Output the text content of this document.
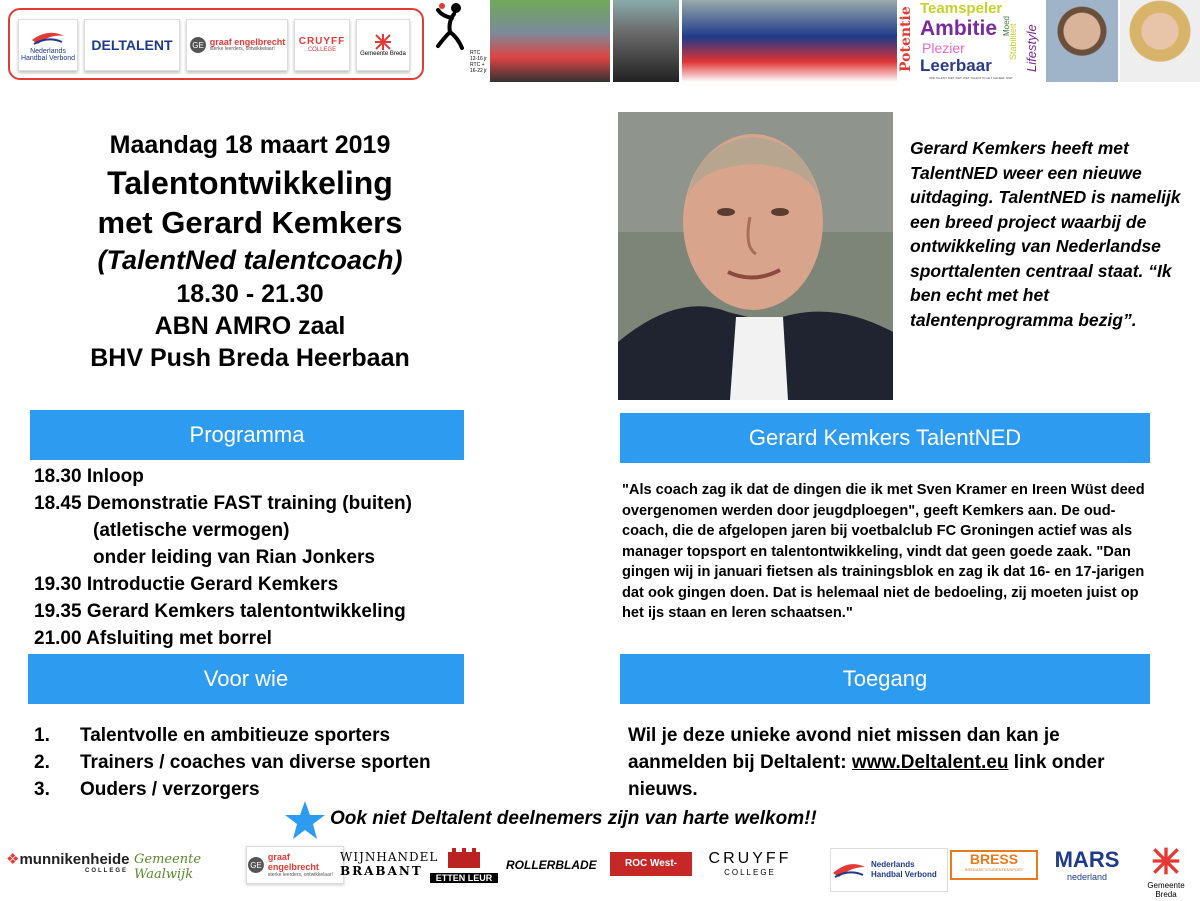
Nederlands Handbal Verbond
DELTALENT GE graaf engelbrecht
sterke leerders, ontwikkelaar!
CRUYFF
COLLEGE
Gemeente Breda	RTC
12-16 jr
RTC +
16-22 jr	Potentie Teamspeler
Ambitie
Plezier
Leerbaar
Moed
Stabiliteit Lifestyle
WIE TALENT NIET ZIET, ZIET TALENT IN HET GEHEEL NIET
Maandag 18 maart 2019
Talentontwikkeling
met Gerard Kemkers
(TalentNed talentcoach)
18.30 - 21.30
ABN AMRO zaal
BHV Push Breda Heerbaan
Gerard Kemkers heeft met TalentNED weer een nieuwe uitdaging. TalentNED is namelijk een breed project waarbij de ontwikkeling van Nederlandse sporttalenten centraal staat. “Ik ben echt met het talentenprogramma bezig”.
Programma	Gerard Kemkers TalentNED
Voor wie	Toegang
18.30 Inloop
18.45 Demonstratie FAST training (buiten)
(atletische vermogen)
onder leiding van Rian Jonkers
19.30 Introductie Gerard Kemkers
19.35 Gerard Kemkers talentontwikkeling
21.00 Afsluiting met borrel
"Als coach zag ik dat de dingen die ik met Sven Kramer en Ireen Wüst deed overgenomen werden door jeugdploegen", geeft Kemkers aan. De oud-coach, die de afgelopen jaren bij voetbalclub FC Groningen actief was als manager topsport en talentontwikkeling, vindt dat geen goede zaak. "Dan gingen wij in januari fietsen als trainingsblok en zag ik dat 16- en 17-jarigen dat ook gingen doen. Dat is helemaal niet de bedoeling, zij moeten juist op het ijs staan en leren schaatsen."
1. Talentvolle en ambitieuze sporters
2. Trainers / coaches van diverse sporten
3. Ouders / verzorgers
Wil je deze unieke avond niet missen dan kan je aanmelden bij Deltalent: www.Deltalent.eu link onder nieuws.
Ook niet Deltalent deelnemers zijn van harte welkom!!
❖munnikenheide
COLLEGE
Gemeente Waalwijk
GE
graaf engelbrecht
sterke leerders, ontwikkelaar!
WIJNHANDEL
BRABANT	ETTEN LEUR
ROLLERBLADE	ROC West-Brabant
CRUYFF
COLLEGE
Nederlands
Handbal Verbond
BRESS
BREDASE STUDENTENSPORT	MARS
nederland
Gemeente Breda
